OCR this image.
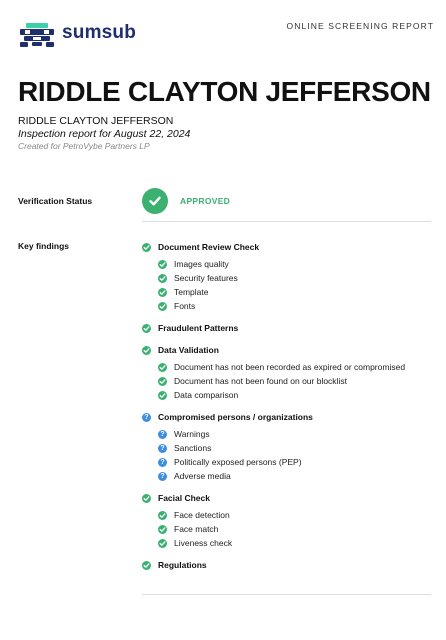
sumsub	ONLINE SCREENING REPORT
RIDDLE CLAYTON JEFFERSON
RIDDLE CLAYTON JEFFERSON
Inspection report for August 22, 2024
Created for PetroVybe Partners LP
Verification Status	APPROVED
Key findings	Document Review Check
Images quality
Security features
Template
Fonts
Fraudulent Patterns
Data Validation
Document has not been recorded as expired or compromised
Document has not been found on our blocklist
Data comparison
? Compromised persons / organizations
? Warnings
? Sanctions
? Politically exposed persons (PEP)
? Adverse media
Facial Check
Face detection
Face match
Liveness check
Regulations
